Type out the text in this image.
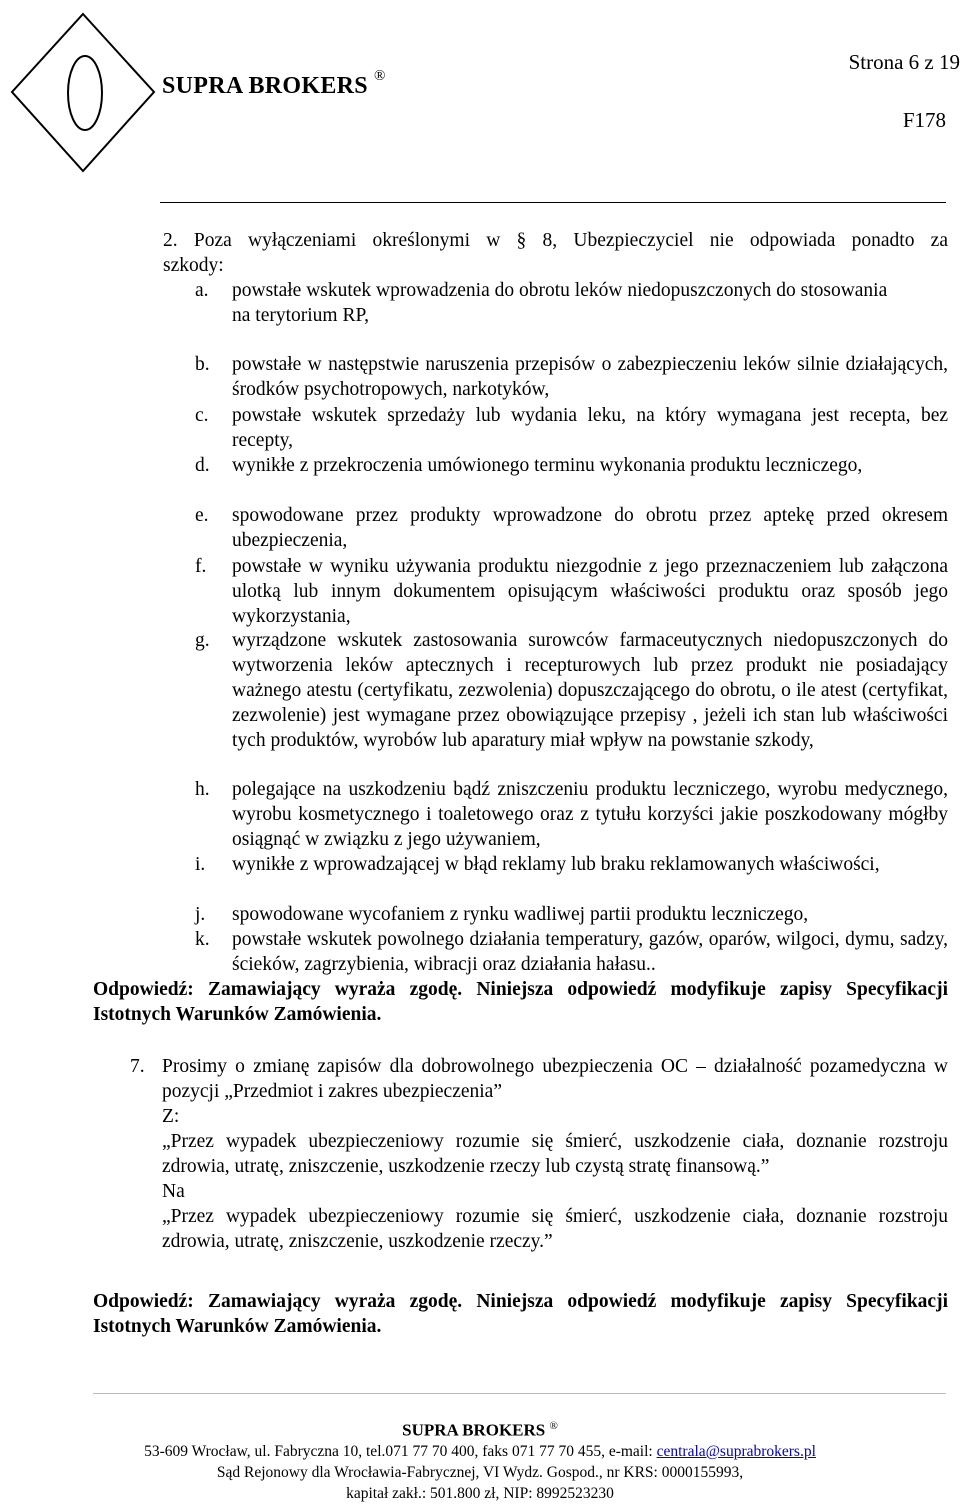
SUPRA BROKERS ®
Strona 6 z 19
F178
2. Poza wyłączeniami określonymi w § 8, Ubezpieczyciel nie odpowiada ponadto za
szkody:
a.	powstałe wskutek wprowadzenia do obrotu leków niedopuszczonych do stosowania
na terytorium RP,
b.	powstałe w następstwie naruszenia przepisów o zabezpieczeniu leków silnie działających, środków psychotropowych, narkotyków,
c.	powstałe wskutek sprzedaży lub wydania leku, na który wymagana jest recepta, bez recepty,
d.	wynikłe z przekroczenia umówionego terminu wykonania produktu leczniczego,
e.	spowodowane przez produkty wprowadzone do obrotu przez aptekę przed okresem ubezpieczenia,
f.	powstałe w wyniku używania produktu niezgodnie z jego przeznaczeniem lub załączona ulotką lub innym dokumentem opisującym właściwości produktu oraz sposób jego wykorzystania,
g.	wyrządzone wskutek zastosowania surowców farmaceutycznych niedopuszczonych do wytworzenia leków aptecznych i recepturowych lub przez produkt nie posiadający ważnego atestu (certyfikatu, zezwolenia) dopuszczającego do obrotu, o ile atest (certyfikat, zezwolenie) jest wymagane przez obowiązujące przepisy , jeżeli ich stan lub właściwości tych produktów, wyrobów lub aparatury miał wpływ na powstanie szkody,
h.	polegające na uszkodzeniu bądź zniszczeniu produktu leczniczego, wyrobu medycznego, wyrobu kosmetycznego i toaletowego oraz z tytułu korzyści jakie poszkodowany mógłby osiągnąć w związku z jego używaniem,
i.	wynikłe z wprowadzającej w błąd reklamy lub braku reklamowanych właściwości,
j.	spowodowane wycofaniem z rynku wadliwej partii produktu leczniczego,
k.	powstałe wskutek powolnego działania temperatury, gazów, oparów, wilgoci, dymu, sadzy, ścieków, zagrzybienia, wibracji oraz działania hałasu..
Odpowiedź: Zamawiający wyraża zgodę. Niniejsza odpowiedź modyfikuje zapisy Specyfikacji Istotnych Warunków Zamówienia.
7. Prosimy o zmianę zapisów dla dobrowolnego ubezpieczenia OC – działalność pozamedyczna w pozycji „Przedmiot i zakres ubezpieczenia”
Z:
„Przez wypadek ubezpieczeniowy rozumie się śmierć, uszkodzenie ciała, doznanie rozstroju zdrowia, utratę, zniszczenie, uszkodzenie rzeczy lub czystą stratę finansową.”
Na
„Przez wypadek ubezpieczeniowy rozumie się śmierć, uszkodzenie ciała, doznanie rozstroju zdrowia, utratę, zniszczenie, uszkodzenie rzeczy.”
Odpowiedź: Zamawiający wyraża zgodę. Niniejsza odpowiedź modyfikuje zapisy Specyfikacji Istotnych Warunków Zamówienia.
SUPRA BROKERS ®
53-609 Wrocław, ul. Fabryczna 10, tel.071 77 70 400, faks 071 77 70 455, e-mail: centrala@suprabrokers.pl
Sąd Rejonowy dla Wrocławia-Fabrycznej, VI Wydz. Gospod., nr KRS: 0000155993,
kapitał zakł.: 501.800 zł, NIP: 8992523230
